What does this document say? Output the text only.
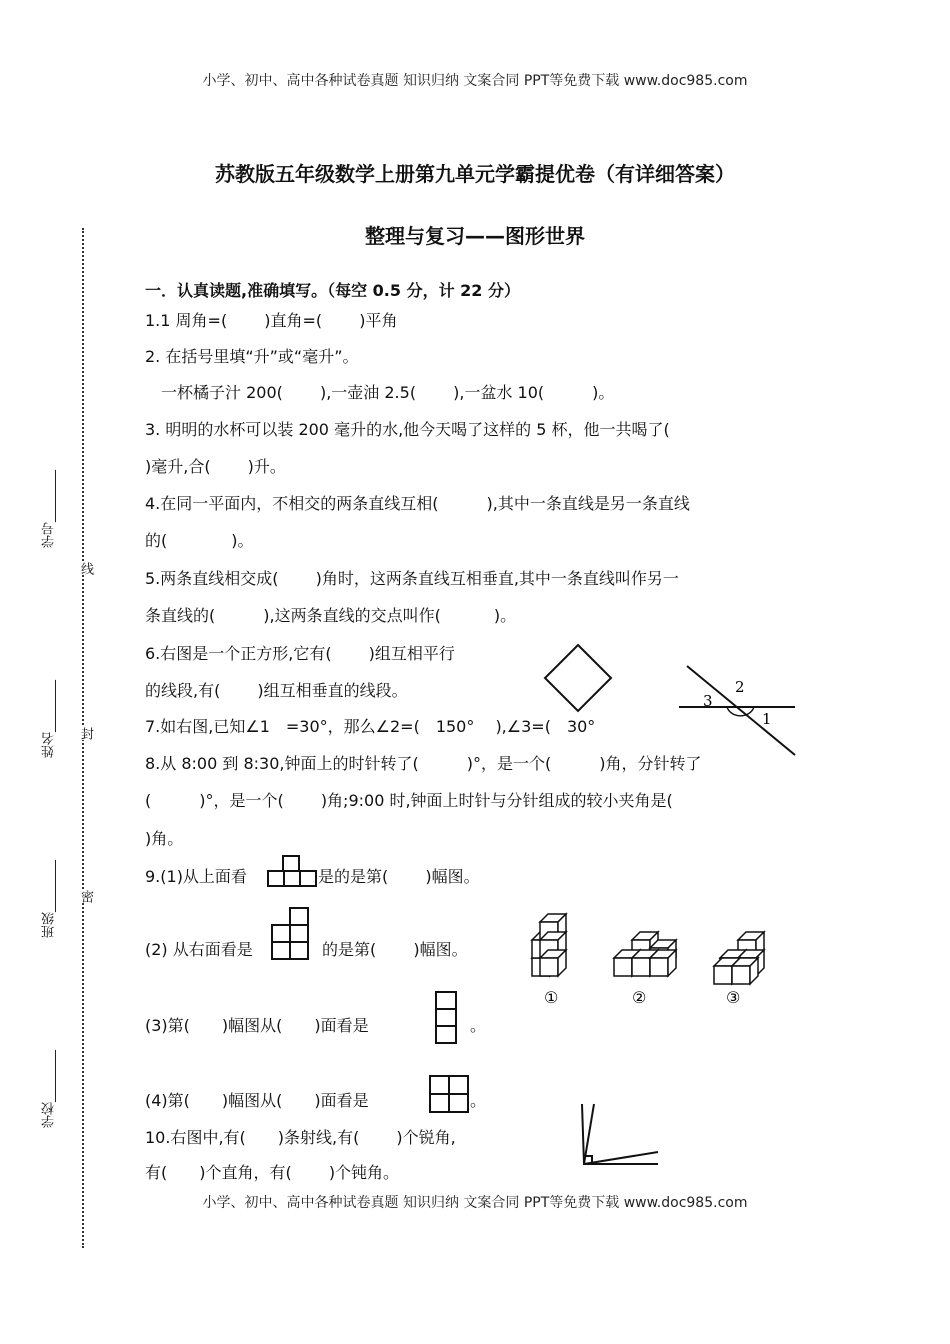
小学、初中、高中各种试卷真题 知识归纳 文案合同 PPT等免费下载 www.doc985.com
小学、初中、高中各种试卷真题 知识归纳 文案合同 PPT等免费下载 www.doc985.com
苏教版五年级数学上册第九单元学霸提优卷（有详细答案）
整理与复习——图形世界
一．认真读题,准确填写。（每空 0.5 分，计 22 分）
1.1 周角=(　　 )直角=(　　 )平角
2. 在括号里填“升”或“毫升”。
　一杯橘子汁 200(　　 ),一壶油 2.5(　　 ),一盆水 10(　　　)。
3. 明明的水杯可以装 200 毫升的水,他今天喝了这样的 5 杯，他一共喝了(
)毫升,合(　　 )升。
4.在同一平面内，不相交的两条直线互相(　　　),其中一条直线是另一条直线
的(　　　　)。
5.两条直线相交成(　　 )角时，这两条直线互相垂直,其中一条直线叫作另一
条直线的(　　　),这两条直线的交点叫作(　　　 )。
6.右图是一个正方形,它有(　　 )组互相平行
的线段,有(　　 )组互相垂直的线段。
7.如右图,已知∠1　=30°，那么∠2=(　150°　 ),∠3=(　30°
8.从 8:00 到 8:30,钟面上的时针转了(　　　)°，是一个(　　　)角，分针转了
(　　　)°，是一个(　　 )角;9:00 时,钟面上时针与分针组成的较小夹角是(
)角。
9.(1)从上面看	是的是第(　　 )幅图。
(2) 从右面看是	的是第(　　 )幅图。
(3)第(　　)幅图从(　　)面看是	。
(4)第(　　)幅图从(　　)面看是	。
10.右图中,有(　　)条射线,有(　　 )个锐角,
有(　　)个直角，有(　　 )个钝角。
学号________
姓名________
班级________
学校________
线
封
密
3
2
1
①	②	③
